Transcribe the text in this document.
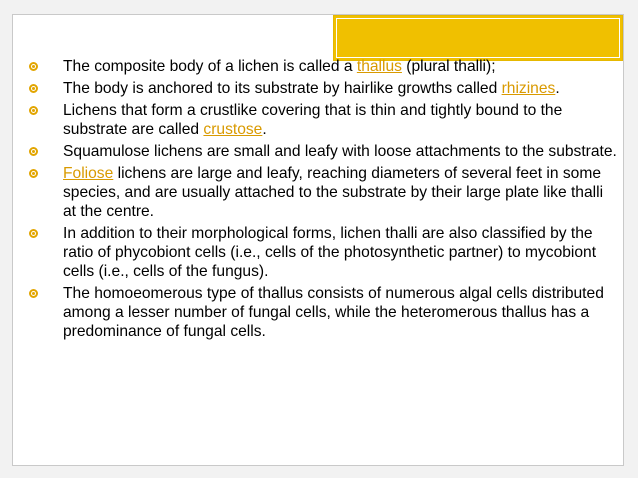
The composite body of a lichen is called a thallus (plural thalli);
The body is anchored to its substrate by hairlike growths called rhizines.
Lichens that form a crustlike covering that is thin and tightly bound to the substrate are called crustose.
Squamulose lichens are small and leafy with loose attachments to the substrate.
Foliose lichens are large and leafy, reaching diameters of several feet in some species, and are usually attached to the substrate by their large plate like thalli at the centre.
In addition to their morphological forms, lichen thalli are also classified by the ratio of phycobiont cells (i.e., cells of the photosynthetic partner) to mycobiont cells (i.e., cells of the fungus).
The homoeomerous type of thallus consists of numerous algal cells distributed among a lesser number of fungal cells, while the heteromerous thallus has a predominance of fungal cells.
